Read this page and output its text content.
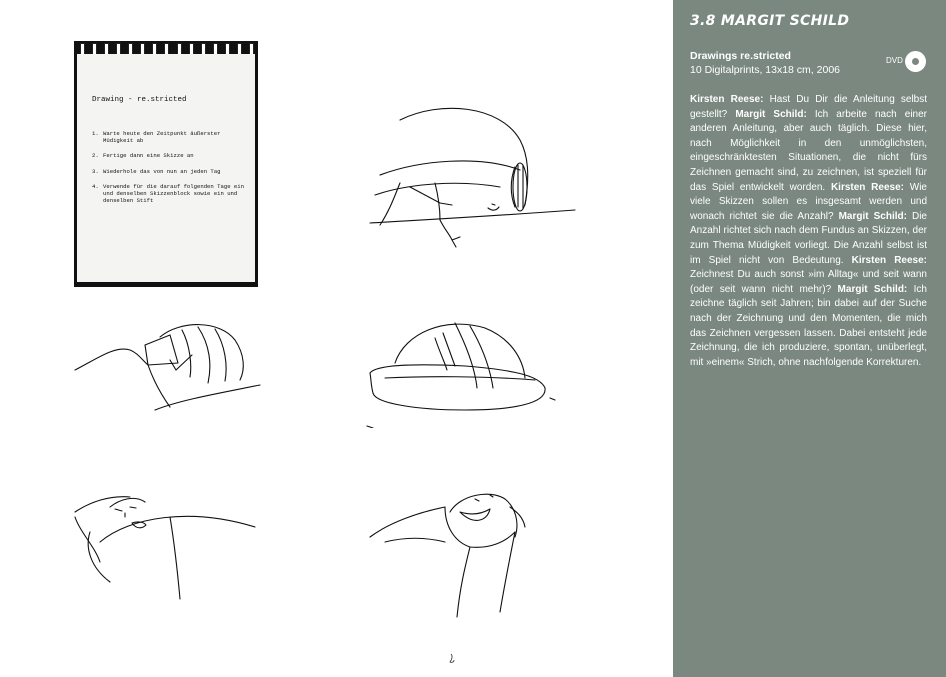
Drawing - re.stricted
1. Warte heute den Zeitpunkt äußerster Müdigkeit ab
2. Fertige dann eine Skizze an
3. Wiederhole das von nun an jeden Tag
4. Verwende für die darauf folgenden Tage ein und denselben Skizzenblock sowie ein und denselben Stift
3.8 MARGIT SCHILD
Drawings re.stricted
10 Digitalprints, 13x18 cm, 2006
DVD
Kirsten Reese: Hast Du Dir die Anleitung selbst gestellt? Margit Schild: Ich arbeite nach einer anderen Anleitung, aber auch täglich. Diese hier, nach Möglichkeit in den unmöglichsten, eingeschränktesten Situationen, die nicht fürs Zeichnen gemacht sind, zu zeichnen, ist speziell für das Spiel entwickelt worden. Kirsten Reese: Wie viele Skizzen sollen es insgesamt werden und wonach richtet sie die Anzahl? Margit Schild: Die Anzahl richtet sich nach dem Fundus an Skizzen, der zum Thema Müdigkeit vorliegt. Die Anzahl selbst ist im Spiel nicht von Bedeutung. Kirsten Reese: Zeichnest Du auch sonst »im Alltag« und seit wann (oder seit wann nicht mehr)? Margit Schild: Ich zeichne täglich seit Jahren; bin dabei auf der Suche nach der Zeichnung und den Momenten, die mich das Zeichnen vergessen lassen. Dabei entsteht jede Zeichnung, die ich produziere, spontan, unüberlegt, mit »einem« Strich, ohne nachfolgende Korrekturen.
